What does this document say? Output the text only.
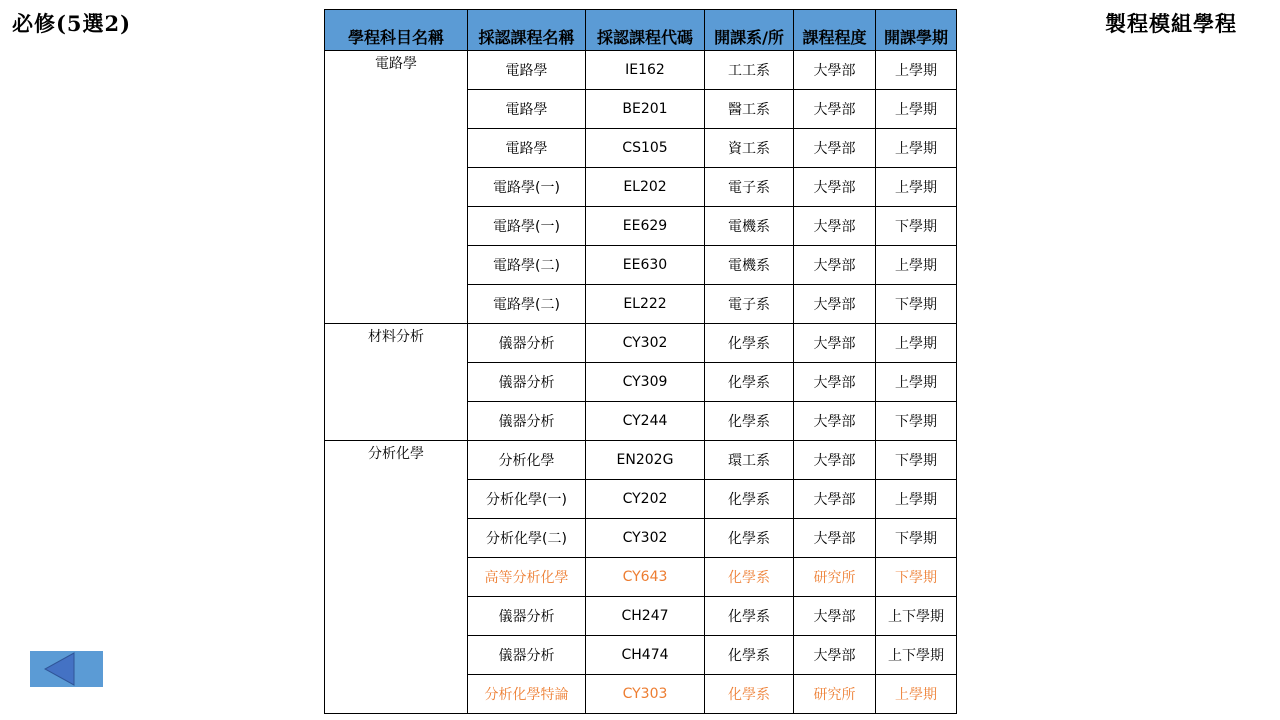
必修(5選2)	製程模組學程
學程科目名稱	採認課程名稱	採認課程代碼	開課系/所	課程程度	開課學期
電路學	電路學	IE162	工工系	大學部	上學期
	電路學	BE201	醫工系	大學部	上學期
	電路學	CS105	資工系	大學部	上學期
	電路學(一)	EL202	電子系	大學部	上學期
	電路學(一)	EE629	電機系	大學部	下學期
	電路學(二)	EE630	電機系	大學部	上學期
	電路學(二)	EL222	電子系	大學部	下學期
材料分析	儀器分析	CY302	化學系	大學部	上學期
	儀器分析	CY309	化學系	大學部	上學期
	儀器分析	CY244	化學系	大學部	下學期
分析化學	分析化學	EN202G	環工系	大學部	下學期
	分析化學(一)	CY202	化學系	大學部	上學期
	分析化學(二)	CY302	化學系	大學部	下學期
	高等分析化學	CY643	化學系	研究所	下學期
	儀器分析	CH247	化學系	大學部	上下學期
	儀器分析	CH474	化學系	大學部	上下學期
	分析化學特論	CY303	化學系	研究所	上學期
